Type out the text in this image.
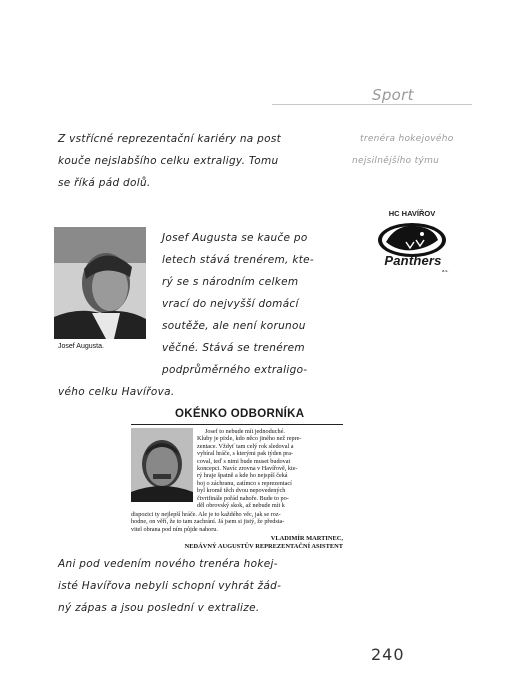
Sport
Z vstřícné reprezentační kariéry na post	trenéra hokejového
kouče nejslabšího celku extraligy. Tomu	nejsilnějšího týmu
se říká pád dolů.
Josef Augusta.
HC HAVÍŘOV
Panthers
a.s.
Josef Augusta se kauče po
letech stává trenérem, kte-
rý se s národním celkem
vrací do nejvyšší domácí
soutěže, ale není korunou
věčné. Stává se trenérem
podprůměrného extraligo-
vého celku Havířova.
OKÉNKO ODBORNÍKA
Josef to nebude mít jednoduché.
Kluby je pixle, kdo něco jiného než repre-
zentace. Vždyť tam celý rok sledoval a
vybíral hráče, s kterými pak týden pra-
coval, teď s nimi bude muset budovat
koncepci. Navíc zrovna v Havířově, kte-
rý hraje špatně a kde ho nejspíš čeká
boj o záchranu, zatímco s reprezentací
byl kromě těch dvou nepovedených
čtvrtfinále pořád nahoře. Bude to po-
děl obrovský skok, až nebude mít k
dispozici ty nejlepší hráče. Ale je to každého věc, jak se roz-
hodne, on věří, že to tam zachrání. Já jsem si jistý, že předsta-
vitel obrana pod ním půjde nahoru.
VLADIMÍR MARTINEC,
NEDÁVNÝ AUGUSTŮV REPREZENTAČNÍ ASISTENT
Ani pod vedením nového trenéra hokej-
isté Havířova nebyli schopní vyhrát žád-
ný zápas a jsou poslední v extralize.
240
